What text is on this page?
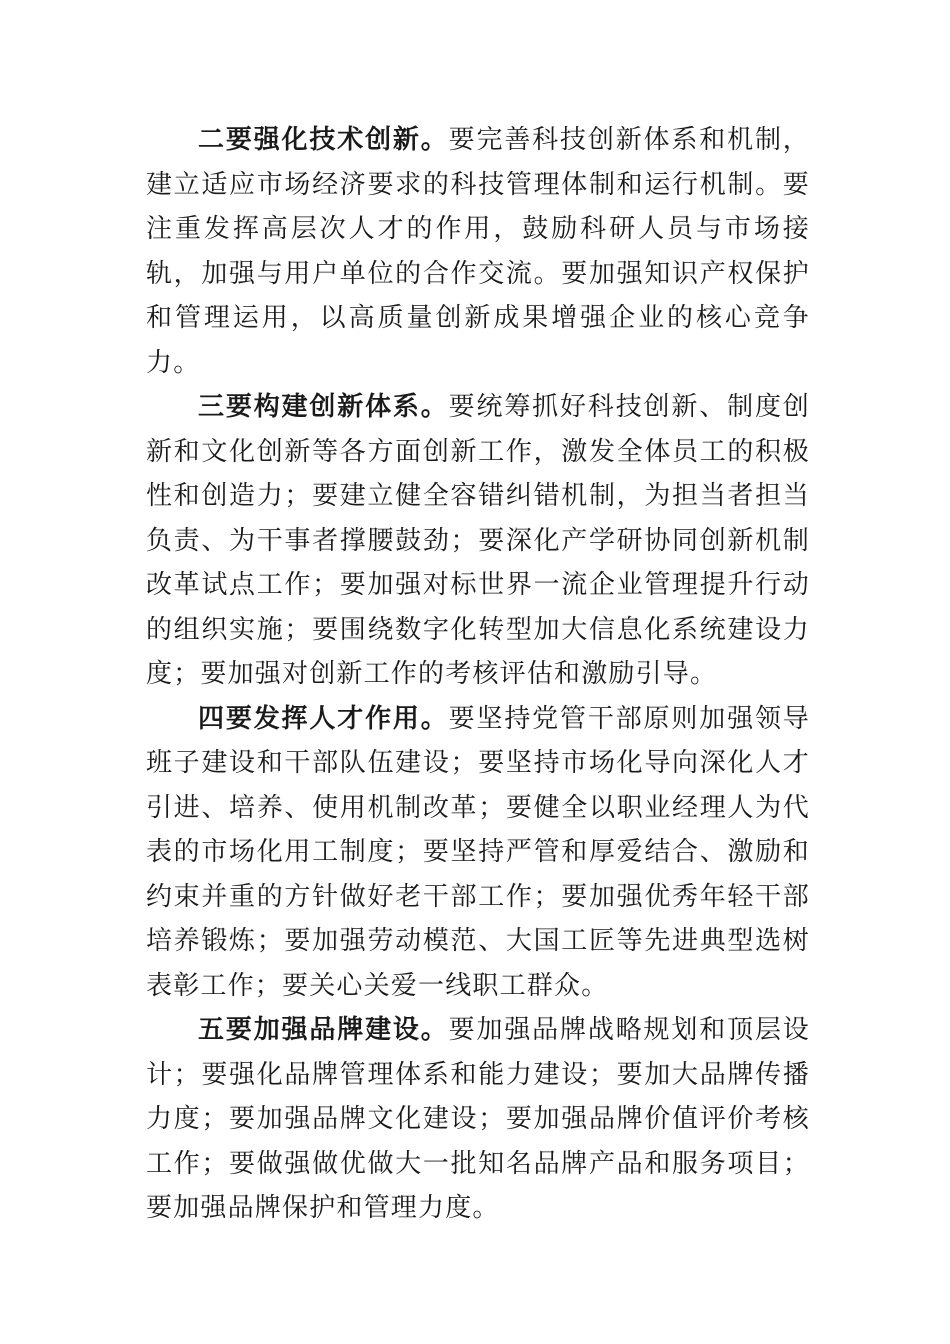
二要强化技术创新。要完善科技创新体系和机制，建立适应市场经济要求的科技管理体制和运行机制。要注重发挥高层次人才的作用，鼓励科研人员与市场接轨，加强与用户单位的合作交流。要加强知识产权保护和管理运用，以高质量创新成果增强企业的核心竞争力。

三要构建创新体系。要统筹抓好科技创新、制度创新和文化创新等各方面创新工作，激发全体员工的积极性和创造力；要建立健全容错纠错机制，为担当者担当负责、为干事者撑腰鼓劲；要深化产学研协同创新机制改革试点工作；要加强对标世界一流企业管理提升行动的组织实施；要围绕数字化转型加大信息化系统建设力度；要加强对创新工作的考核评估和激励引导。

四要发挥人才作用。要坚持党管干部原则加强领导班子建设和干部队伍建设；要坚持市场化导向深化人才引进、培养、使用机制改革；要健全以职业经理人为代表的市场化用工制度；要坚持严管和厚爱结合、激励和约束并重的方针做好老干部工作；要加强优秀年轻干部培养锻炼；要加强劳动模范、大国工匠等先进典型选树表彰工作；要关心关爱一线职工群众。

五要加强品牌建设。要加强品牌战略规划和顶层设计；要强化品牌管理体系和能力建设；要加大品牌传播力度；要加强品牌文化建设；要加强品牌价值评价考核工作；要做强做优做大一批知名品牌产品和服务项目；要加强品牌保护和管理力度。
